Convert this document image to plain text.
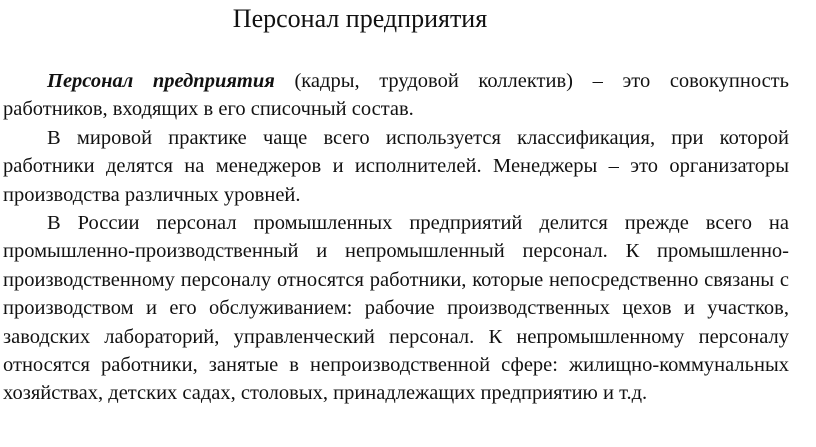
Персонал предприятия

Персонал предприятия (кадры, трудовой коллектив) – это совокупность работников, входящих в его списочный состав.

В мировой практике чаще всего используется классификация, при которой работники делятся на менеджеров и исполнителей. Менеджеры – это организаторы производства различных уровней.

В России персонал промышленных предприятий делится прежде всего на промышленно-производственный и непромышленный персонал. К промышленно-производственному персоналу относятся работники, которые непосредственно связаны с производством и его обслуживанием: рабочие производственных цехов и участков, заводских лабораторий, управленческий персонал. К непромышленному персоналу относятся работники, занятые в непроизводственной сфере: жилищно-коммунальных хозяйствах, детских садах, столовых, принадлежащих предприятию и т.д.
